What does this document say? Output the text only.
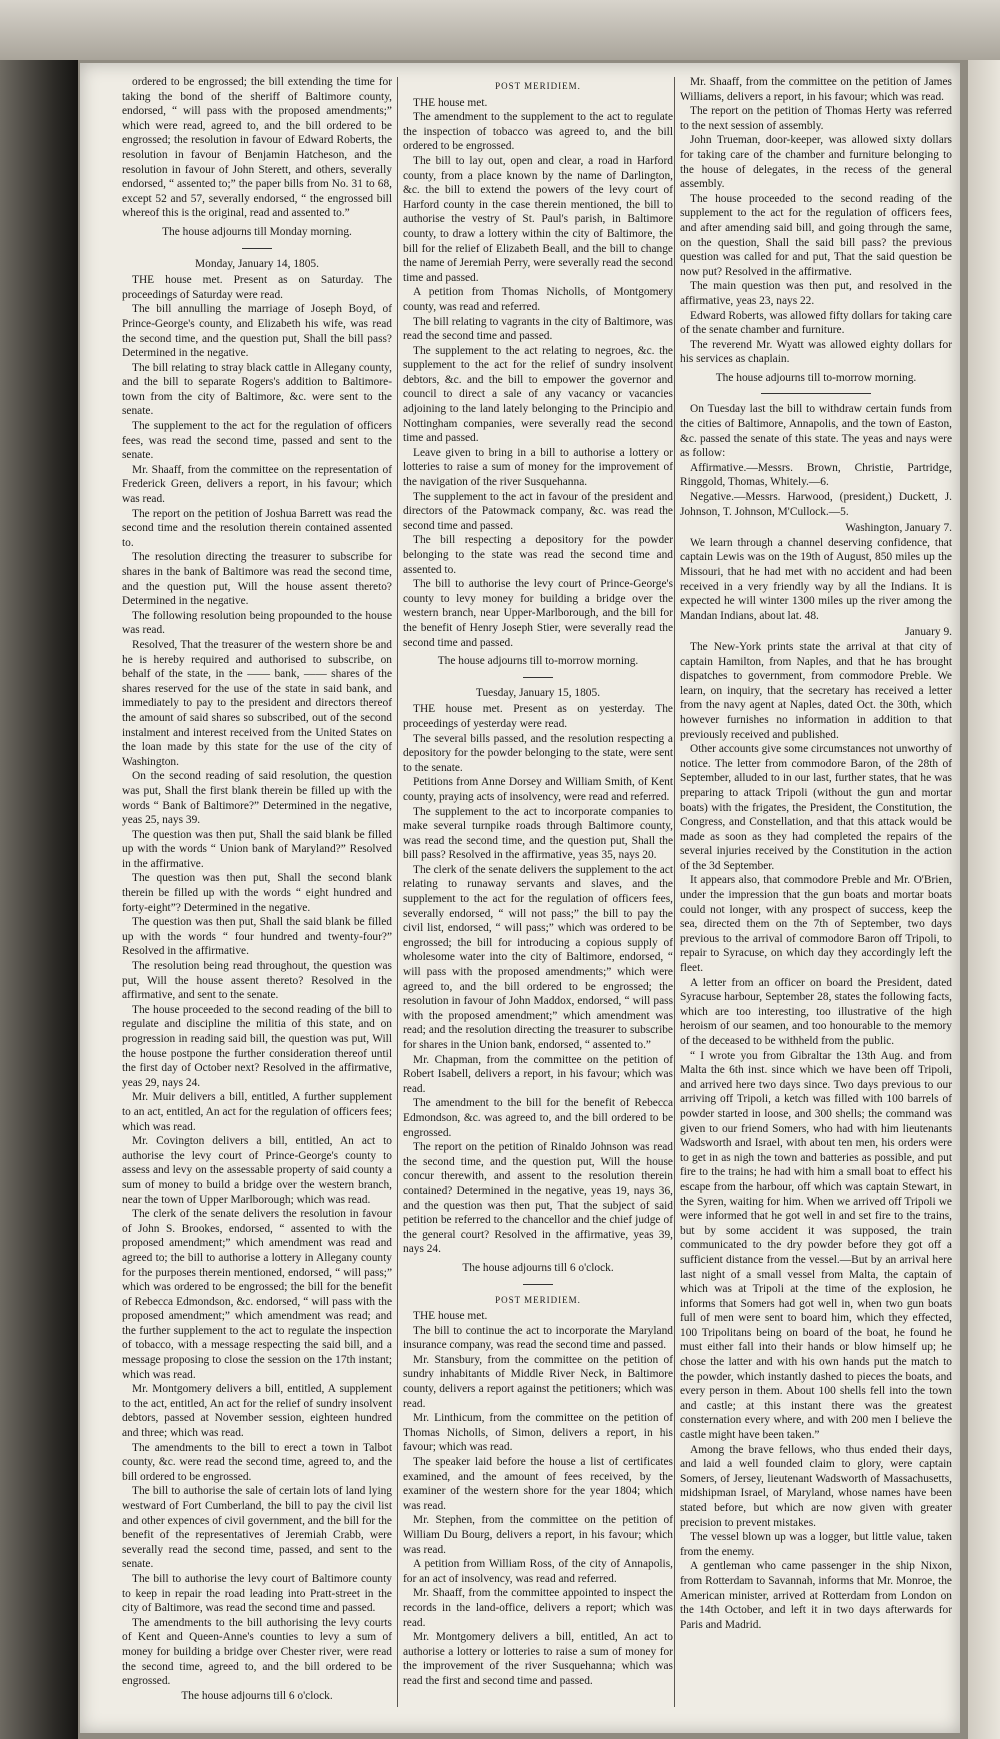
ordered to be engrossed; the bill extending the time for taking the bond of the sheriff of Baltimore county, endorsed, “ will pass with the proposed amendments;” which were read, agreed to, and the bill ordered to be engrossed; the resolution in favour of Edward Roberts, the resolution in favour of Benjamin Hatcheson, and the resolution in favour of John Sterett, and others, severally endorsed, “ assented to;” the paper bills from No. 31 to 68, except 52 and 57, severally endorsed, “ the engrossed bill whereof this is the original, read and assented to.”

The house adjourns till Monday morning.

Monday, January 14, 1805.

THE house met. Present as on Saturday. The proceedings of Saturday were read.

The bill annulling the marriage of Joseph Boyd, of Prince-George's county, and Elizabeth his wife, was read the second time, and the question put, Shall the bill pass? Determined in the negative.

The bill relating to stray black cattle in Allegany county, and the bill to separate Rogers's addition to Baltimore-town from the city of Baltimore, &c. were sent to the senate.

The supplement to the act for the regulation of officers fees, was read the second time, passed and sent to the senate.

Mr. Shaaff, from the committee on the representation of Frederick Green, delivers a report, in his favour; which was read.

The report on the petition of Joshua Barrett was read the second time and the resolution therein contained assented to.

The resolution directing the treasurer to subscribe for shares in the bank of Baltimore was read the second time, and the question put, Will the house assent thereto? Determined in the negative.

The following resolution being propounded to the house was read.

Resolved, That the treasurer of the western shore be and he is hereby required and authorised to subscribe, on behalf of the state, in the —— bank, —— shares of the shares reserved for the use of the state in said bank, and immediately to pay to the president and directors thereof the amount of said shares so subscribed, out of the second instalment and interest received from the United States on the loan made by this state for the use of the city of Washington.

On the second reading of said resolution, the question was put, Shall the first blank therein be filled up with the words “ Bank of Baltimore?” Determined in the negative, yeas 25, nays 39.

The question was then put, Shall the said blank be filled up with the words “ Union bank of Maryland?” Resolved in the affirmative.

The question was then put, Shall the second blank therein be filled up with the words “ eight hundred and forty-eight”? Determined in the negative.

The question was then put, Shall the said blank be filled up with the words “ four hundred and twenty-four?” Resolved in the affirmative.

The resolution being read throughout, the question was put, Will the house assent thereto? Resolved in the affirmative, and sent to the senate.

The house proceeded to the second reading of the bill to regulate and discipline the militia of this state, and on progression in reading said bill, the question was put, Will the house postpone the further consideration thereof until the first day of October next? Resolved in the affirmative, yeas 29, nays 24.

Mr. Muir delivers a bill, entitled, A further supplement to an act, entitled, An act for the regulation of officers fees; which was read.

Mr. Covington delivers a bill, entitled, An act to authorise the levy court of Prince-George's county to assess and levy on the assessable property of said county a sum of money to build a bridge over the western branch, near the town of Upper Marlborough; which was read.

The clerk of the senate delivers the resolution in favour of John S. Brookes, endorsed, “ assented to with the proposed amendment;” which amendment was read and agreed to; the bill to authorise a lottery in Allegany county for the purposes therein mentioned, endorsed, “ will pass;” which was ordered to be engrossed; the bill for the benefit of Rebecca Edmondson, &c. endorsed, “ will pass with the proposed amendment;” which amendment was read; and the further supplement to the act to regulate the inspection of tobacco, with a message respecting the said bill, and a message proposing to close the session on the 17th instant; which was read.

Mr. Montgomery delivers a bill, entitled, A supplement to the act, entitled, An act for the relief of sundry insolvent debtors, passed at November session, eighteen hundred and three; which was read.

The amendments to the bill to erect a town in Talbot county, &c. were read the second time, agreed to, and the bill ordered to be engrossed.

The bill to authorise the sale of certain lots of land lying westward of Fort Cumberland, the bill to pay the civil list and other expences of civil government, and the bill for the benefit of the representatives of Jeremiah Crabb, were severally read the second time, passed, and sent to the senate.

The bill to authorise the levy court of Baltimore county to keep in repair the road leading into Pratt-street in the city of Baltimore, was read the second time and passed.

The amendments to the bill authorising the levy courts of Kent and Queen-Anne's counties to levy a sum of money for building a bridge over Chester river, were read the second time, agreed to, and the bill ordered to be engrossed.

The house adjourns till 6 o'clock.

POST MERIDIEM.

THE house met.

The amendment to the supplement to the act to regulate the inspection of tobacco was agreed to, and the bill ordered to be engrossed.

The bill to lay out, open and clear, a road in Harford county, from a place known by the name of Darlington, &c. the bill to extend the powers of the levy court of Harford county in the case therein mentioned, the bill to authorise the vestry of St. Paul's parish, in Baltimore county, to draw a lottery within the city of Baltimore, the bill for the relief of Elizabeth Beall, and the bill to change the name of Jeremiah Perry, were severally read the second time and passed.

A petition from Thomas Nicholls, of Montgomery county, was read and referred.

The bill relating to vagrants in the city of Baltimore, was read the second time and passed.

The supplement to the act relating to negroes, &c. the supplement to the act for the relief of sundry insolvent debtors, &c. and the bill to empower the governor and council to direct a sale of any vacancy or vacancies adjoining to the land lately belonging to the Principio and Nottingham companies, were severally read the second time and passed.

Leave given to bring in a bill to authorise a lottery or lotteries to raise a sum of money for the improvement of the navigation of the river Susquehanna.

The supplement to the act in favour of the president and directors of the Patowmack company, &c. was read the second time and passed.

The bill respecting a depository for the powder belonging to the state was read the second time and assented to.

The bill to authorise the levy court of Prince-George's county to levy money for building a bridge over the western branch, near Upper-Marlborough, and the bill for the benefit of Henry Joseph Stier, were severally read the second time and passed.

The house adjourns till to-morrow morning.

Tuesday, January 15, 1805.

THE house met. Present as on yesterday. The proceedings of yesterday were read.

The several bills passed, and the resolution respecting a depository for the powder belonging to the state, were sent to the senate.

Petitions from Anne Dorsey and William Smith, of Kent county, praying acts of insolvency, were read and referred.

The supplement to the act to incorporate companies to make several turnpike roads through Baltimore county, was read the second time, and the question put, Shall the bill pass? Resolved in the affirmative, yeas 35, nays 20.

The clerk of the senate delivers the supplement to the act relating to runaway servants and slaves, and the supplement to the act for the regulation of officers fees, severally endorsed, “ will not pass;” the bill to pay the civil list, endorsed, “ will pass;” which was ordered to be engrossed; the bill for introducing a copious supply of wholesome water into the city of Baltimore, endorsed, “ will pass with the proposed amendments;” which were agreed to, and the bill ordered to be engrossed; the resolution in favour of John Maddox, endorsed, “ will pass with the proposed amendment;” which amendment was read; and the resolution directing the treasurer to subscribe for shares in the Union bank, endorsed, “ assented to.”

Mr. Chapman, from the committee on the petition of Robert Isabell, delivers a report, in his favour; which was read.

The amendment to the bill for the benefit of Rebecca Edmondson, &c. was agreed to, and the bill ordered to be engrossed.

The report on the petition of Rinaldo Johnson was read the second time, and the question put, Will the house concur therewith, and assent to the resolution therein contained? Determined in the negative, yeas 19, nays 36, and the question was then put, That the subject of said petition be referred to the chancellor and the chief judge of the general court? Resolved in the affirmative, yeas 39, nays 24.

The house adjourns till 6 o'clock.

POST MERIDIEM.

THE house met.

The bill to continue the act to incorporate the Maryland insurance company, was read the second time and passed.

Mr. Stansbury, from the committee on the petition of sundry inhabitants of Middle River Neck, in Baltimore county, delivers a report against the petitioners; which was read.

Mr. Linthicum, from the committee on the petition of Thomas Nicholls, of Simon, delivers a report, in his favour; which was read.

The speaker laid before the house a list of certificates examined, and the amount of fees received, by the examiner of the western shore for the year 1804; which was read.

Mr. Stephen, from the committee on the petition of William Du Bourg, delivers a report, in his favour; which was read.

A petition from William Ross, of the city of Annapolis, for an act of insolvency, was read and referred.

Mr. Shaaff, from the committee appointed to inspect the records in the land-office, delivers a report; which was read.

Mr. Montgomery delivers a bill, entitled, An act to authorise a lottery or lotteries to raise a sum of money for the improvement of the river Susquehanna; which was read the first and second time and passed.

Mr. Shaaff, from the committee on the petition of James Williams, delivers a report, in his favour; which was read.

The report on the petition of Thomas Herty was referred to the next session of assembly.

John Trueman, door-keeper, was allowed sixty dollars for taking care of the chamber and furniture belonging to the house of delegates, in the recess of the general assembly.

The house proceeded to the second reading of the supplement to the act for the regulation of officers fees, and after amending said bill, and going through the same, on the question, Shall the said bill pass? the previous question was called for and put, That the said question be now put? Resolved in the affirmative.

The main question was then put, and resolved in the affirmative, yeas 23, nays 22.

Edward Roberts, was allowed fifty dollars for taking care of the senate chamber and furniture.

The reverend Mr. Wyatt was allowed eighty dollars for his services as chaplain.

The house adjourns till to-morrow morning.

On Tuesday last the bill to withdraw certain funds from the cities of Baltimore, Annapolis, and the town of Easton, &c. passed the senate of this state. The yeas and nays were as follow:

Affirmative.—Messrs. Brown, Christie, Partridge, Ringgold, Thomas, Whitely.—6.

Negative.—Messrs. Harwood, (president,) Duckett, J. Johnson, T. Johnson, M'Cullock.—5.

Washington, January 7.

We learn through a channel deserving confidence, that captain Lewis was on the 19th of August, 850 miles up the Missouri, that he had met with no accident and had been received in a very friendly way by all the Indians. It is expected he will winter 1300 miles up the river among the Mandan Indians, about lat. 48.

January 9.

The New-York prints state the arrival at that city of captain Hamilton, from Naples, and that he has brought dispatches to government, from commodore Preble. We learn, on inquiry, that the secretary has received a letter from the navy agent at Naples, dated Oct. the 30th, which however furnishes no information in addition to that previously received and published.

Other accounts give some circumstances not unworthy of notice. The letter from commodore Baron, of the 28th of September, alluded to in our last, further states, that he was preparing to attack Tripoli (without the gun and mortar boats) with the frigates, the President, the Constitution, the Congress, and Constellation, and that this attack would be made as soon as they had completed the repairs of the several injuries received by the Constitution in the action of the 3d September.

It appears also, that commodore Preble and Mr. O'Brien, under the impression that the gun boats and mortar boats could not longer, with any prospect of success, keep the sea, directed them on the 7th of September, two days previous to the arrival of commodore Baron off Tripoli, to repair to Syracuse, on which day they accordingly left the fleet.

A letter from an officer on board the President, dated Syracuse harbour, September 28, states the following facts, which are too interesting, too illustrative of the high heroism of our seamen, and too honourable to the memory of the deceased to be withheld from the public.

“ I wrote you from Gibraltar the 13th Aug. and from Malta the 6th inst. since which we have been off Tripoli, and arrived here two days since. Two days previous to our arriving off Tripoli, a ketch was filled with 100 barrels of powder started in loose, and 300 shells; the command was given to our friend Somers, who had with him lieutenants Wadsworth and Israel, with about ten men, his orders were to get in as nigh the town and batteries as possible, and put fire to the trains; he had with him a small boat to effect his escape from the harbour, off which was captain Stewart, in the Syren, waiting for him. When we arrived off Tripoli we were informed that he got well in and set fire to the trains, but by some accident it was supposed, the train communicated to the dry powder before they got off a sufficient distance from the vessel.—But by an arrival here last night of a small vessel from Malta, the captain of which was at Tripoli at the time of the explosion, he informs that Somers had got well in, when two gun boats full of men were sent to board him, which they effected, 100 Tripolitans being on board of the boat, he found he must either fall into their hands or blow himself up; he chose the latter and with his own hands put the match to the powder, which instantly dashed to pieces the boats, and every person in them. About 100 shells fell into the town and castle; at this instant there was the greatest consternation every where, and with 200 men I believe the castle might have been taken.”

Among the brave fellows, who thus ended their days, and laid a well founded claim to glory, were captain Somers, of Jersey, lieutenant Wadsworth of Massachusetts, midshipman Israel, of Maryland, whose names have been stated before, but which are now given with greater precision to prevent mistakes.

The vessel blown up was a logger, but little value, taken from the enemy.

A gentleman who came passenger in the ship Nixon, from Rotterdam to Savannah, informs that Mr. Monroe, the American minister, arrived at Rotterdam from London on the 14th October, and left it in two days afterwards for Paris and Madrid.
